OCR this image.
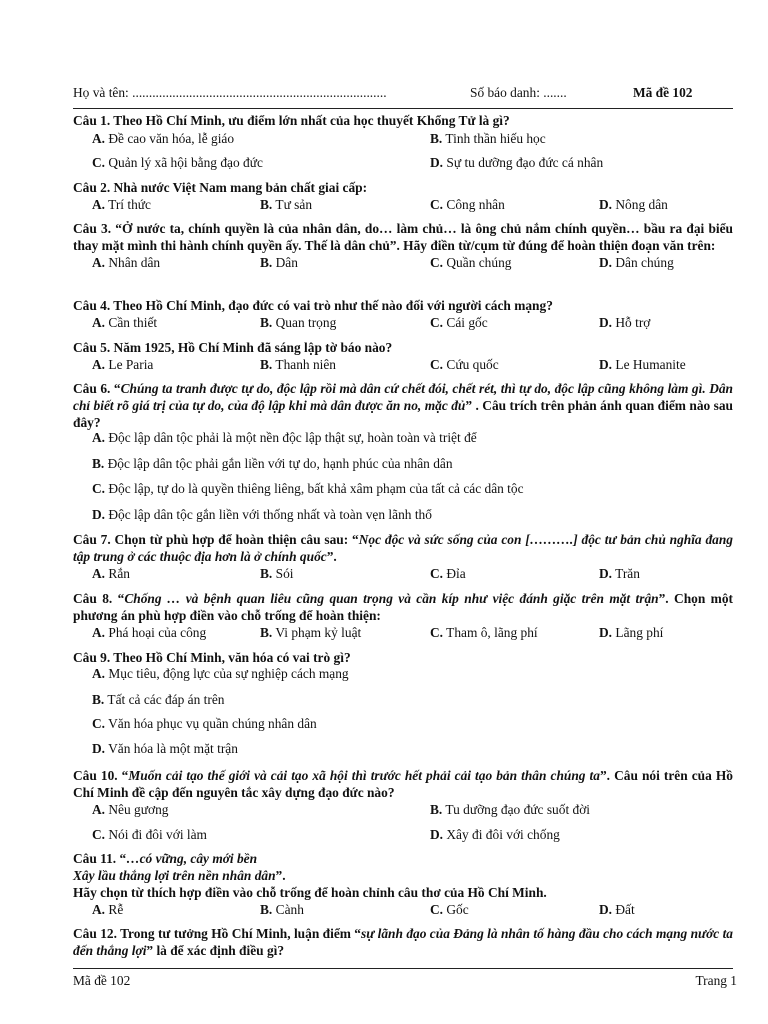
Họ và tên: ............................................................................	Số báo danh: .......	Mã đề 102
Câu 1. Theo Hồ Chí Minh, ưu điểm lớn nhất của học thuyết Khổng Tử là gì?
A. Đề cao văn hóa, lễ giáo	B. Tinh thần hiếu học
C. Quản lý xã hội bằng đạo đức	D. Sự tu dưỡng đạo đức cá nhân
Câu 2. Nhà nước Việt Nam mang bản chất giai cấp:
A. Trí thức	B. Tư sản	C. Công nhân	D. Nông dân
Câu 3. “Ở nước ta, chính quyền là của nhân dân, do… làm chủ… là ông chủ nắm chính quyền… bầu ra đại biểu thay mặt mình thi hành chính quyền ấy. Thế là dân chủ”. Hãy điền từ/cụm từ đúng để hoàn thiện đoạn văn trên:
A. Nhân dân	B. Dân	C. Quần chúng	D. Dân chúng
Câu 4. Theo Hồ Chí Minh, đạo đức có vai trò như thế nào đối với người cách mạng?
A. Cần thiết	B. Quan trọng	C. Cái gốc	D. Hỗ trợ
Câu 5. Năm 1925, Hồ Chí Minh đã sáng lập tờ báo nào?
A. Le Paria	B. Thanh niên	C. Cứu quốc	D. Le Humanite
Câu 6. “Chúng ta tranh được tự do, độc lập rồi mà dân cứ chết đói, chết rét, thì tự do, độc lập cũng không làm gì. Dân chỉ biết rõ giá trị của tự do, của độ lập khi mà dân được ăn no, mặc đủ” . Câu trích trên phản ánh quan điểm nào sau đây?
A. Độc lập dân tộc phải là một nền độc lập thật sự, hoàn toàn và triệt để
B. Độc lập dân tộc phải gắn liền với tự do, hạnh phúc của nhân dân
C. Độc lập, tự do là quyền thiêng liêng, bất khả xâm phạm của tất cả các dân tộc
D. Độc lập dân tộc gắn liền với thống nhất và toàn vẹn lãnh thổ
Câu 7. Chọn từ phù hợp để hoàn thiện câu sau: “Nọc độc và sức sống của con [……….] độc tư bản chủ nghĩa đang tập trung ở các thuộc địa hơn là ở chính quốc”.
A. Rắn	B. Sói	C. Đỉa	D. Trăn
Câu 8. “Chống … và bệnh quan liêu cũng quan trọng và cần kíp như việc đánh giặc trên mặt trận”. Chọn một phương án phù hợp điền vào chỗ trống để hoàn thiện:
A. Phá hoại của công	B. Vi phạm kỷ luật	C. Tham ô, lãng phí	D. Lãng phí
Câu 9. Theo Hồ Chí Minh, văn hóa có vai trò gì?
A. Mục tiêu, động lực của sự nghiệp cách mạng
B. Tất cả các đáp án trên
C. Văn hóa phục vụ quần chúng nhân dân
D. Văn hóa là một mặt trận
Câu 10. “Muốn cải tạo thế giới và cải tạo xã hội thì trước hết phải cải tạo bản thân chúng ta”. Câu nói trên của Hồ Chí Minh đề cập đến nguyên tắc xây dựng đạo đức nào?
A. Nêu gương	B. Tu dưỡng đạo đức suốt đời
C. Nói đi đôi với làm	D. Xây đi đôi với chống
Câu 11. “…có vững, cây mới bền
Xây lầu thắng lợi trên nền nhân dân”.
Hãy chọn từ thích hợp điền vào chỗ trống để hoàn chỉnh câu thơ của Hồ Chí Minh.
A. Rễ	B. Cành	C. Gốc	D. Đất
Câu 12. Trong tư tưởng Hồ Chí Minh, luận điểm “sự lãnh đạo của Đảng là nhân tố hàng đầu cho cách mạng nước ta đến thắng lợi” là để xác định điều gì?
Mã đề 102	Trang 1
